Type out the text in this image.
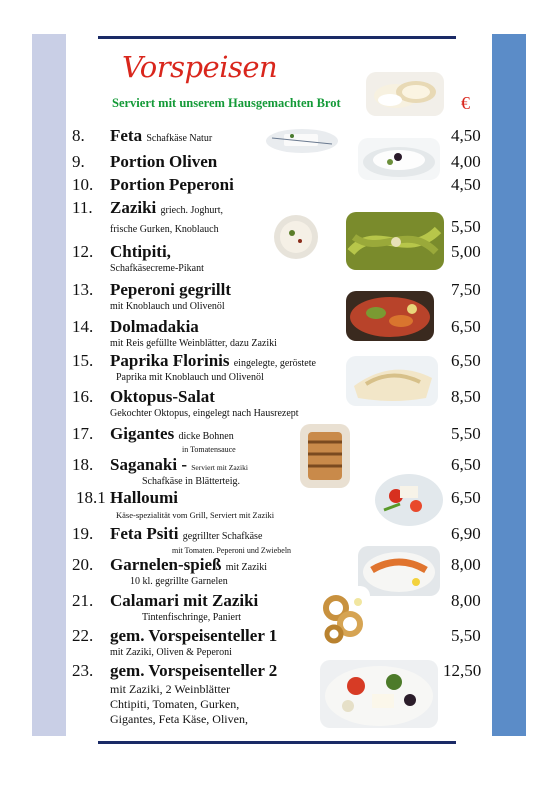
Vorspeisen
Serviert mit unserem Hausgemachten Brot	€
8. Feta Schafkäse Natur	4,50
9. Portion Oliven	4,00
10. Portion Peperoni	4,50
11. Zaziki griech. Joghurt,
frische Gurken, Knoblauch	5,50
12. Chtipiti,
Schafkäsecreme-Pikant
5,00
13. Peperoni gegrillt
mit Knoblauch und Olivenöl
7,50
14. Dolmadakia
mit Reis gefüllte Weinblätter, dazu Zaziki
6,50
15. Paprika Florinis eingelegte, geröstete
Paprika mit Knoblauch und Olivenöl
6,50
16. Oktopus-Salat
Gekochter Oktopus, eingelegt nach Hausrezept
8,50
17. Gigantes dicke Bohnen
in Tomatensauce
5,50
18. Saganaki - Serviert mit Zaziki
Schafkäse in Blätterteig.
6,50
18.1 Halloumi
Käse-spezialität vom Grill, Serviert mit Zaziki
6,50
19. Feta Psiti gegrillter Schafkäse
mit Tomaten. Peperoni und Zwiebeln
6,90
20. Garnelen-spieß mit Zaziki
10 kl. gegrillte Garnelen
8,00
21. Calamari mit Zaziki
Tintenfischringe, Paniert
8,00
22. gem. Vorspeisenteller 1
mit Zaziki, Oliven & Peperoni
5,50
23. gem. Vorspeisenteller 2
mit Zaziki, 2 Weinblätter
Chtipiti, Tomaten, Gurken,
Gigantes, Feta Käse, Oliven,
12,50
